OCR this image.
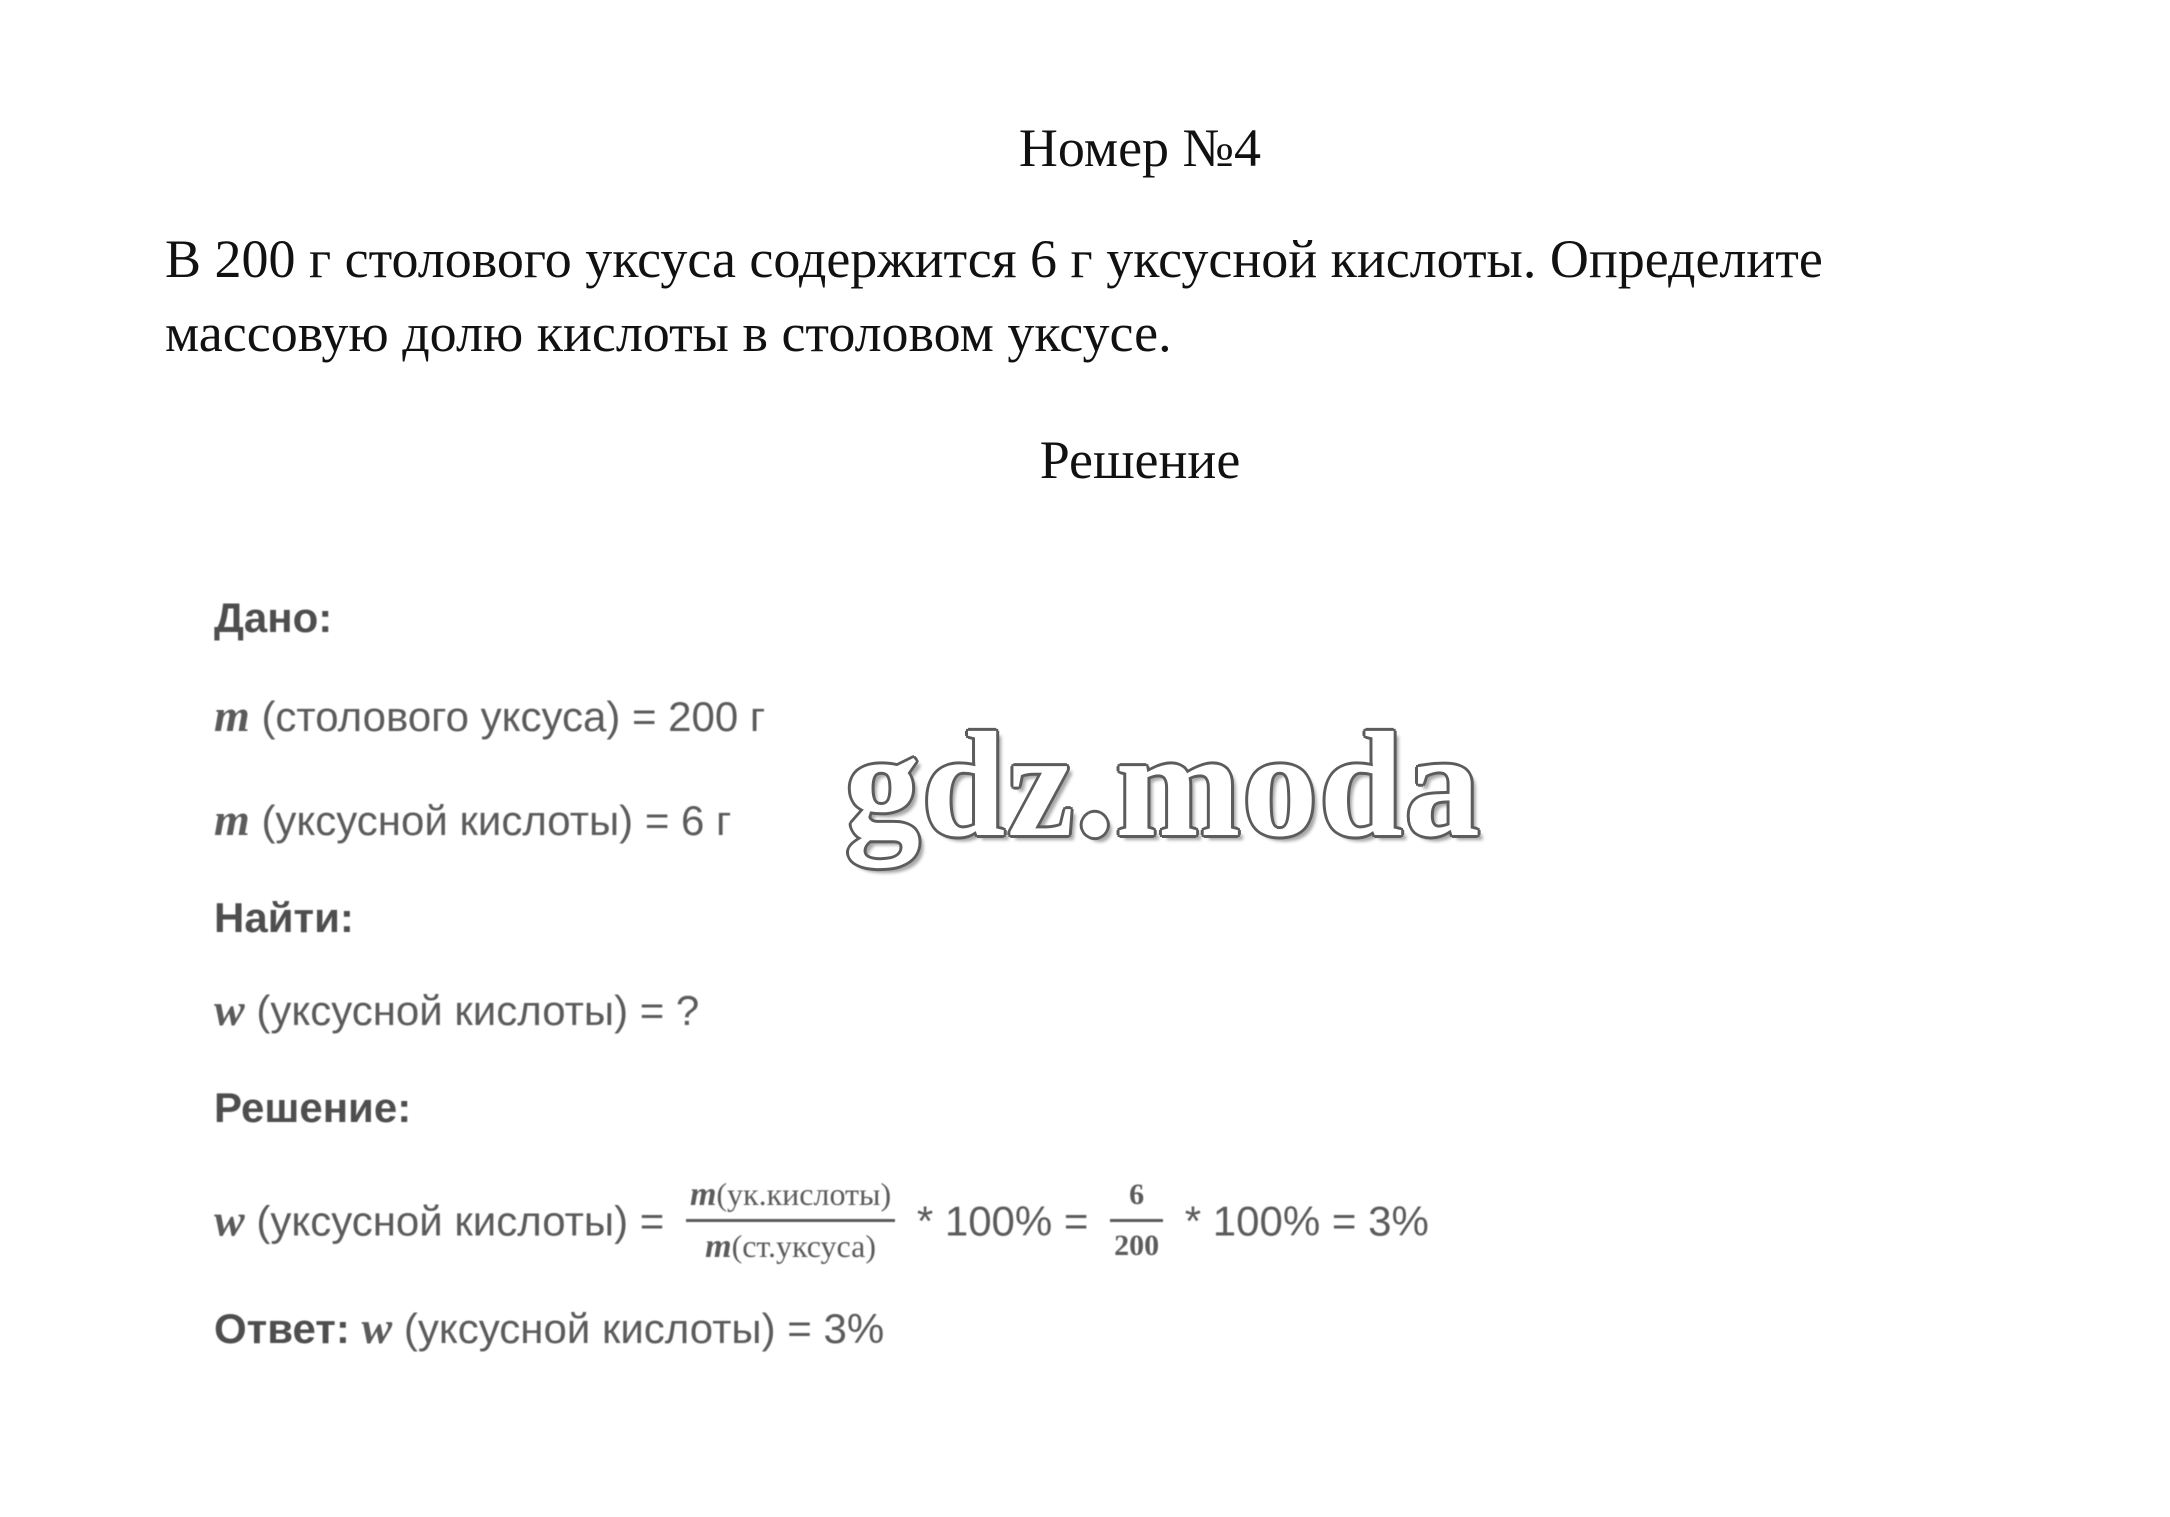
Номер №4
В 200 г столового уксуса содержится 6 г уксусной кислоты. Определите
массовую долю кислоты в столовом уксусе.
Решение
Дано:
m (столового уксуса) = 200 г
m (уксусной кислоты) = 6 г
Найти:
w (уксусной кислоты) = ?
Решение:
w (уксусной кислоты) = $\frac{\text{m(ук.кислоты)}}{\text{m(ст.уксуса)}} * 100\% = \frac{6}{200} * 100\% = 3\%$
Ответ: w (уксусной кислоты) = 3%
gdz.moda
